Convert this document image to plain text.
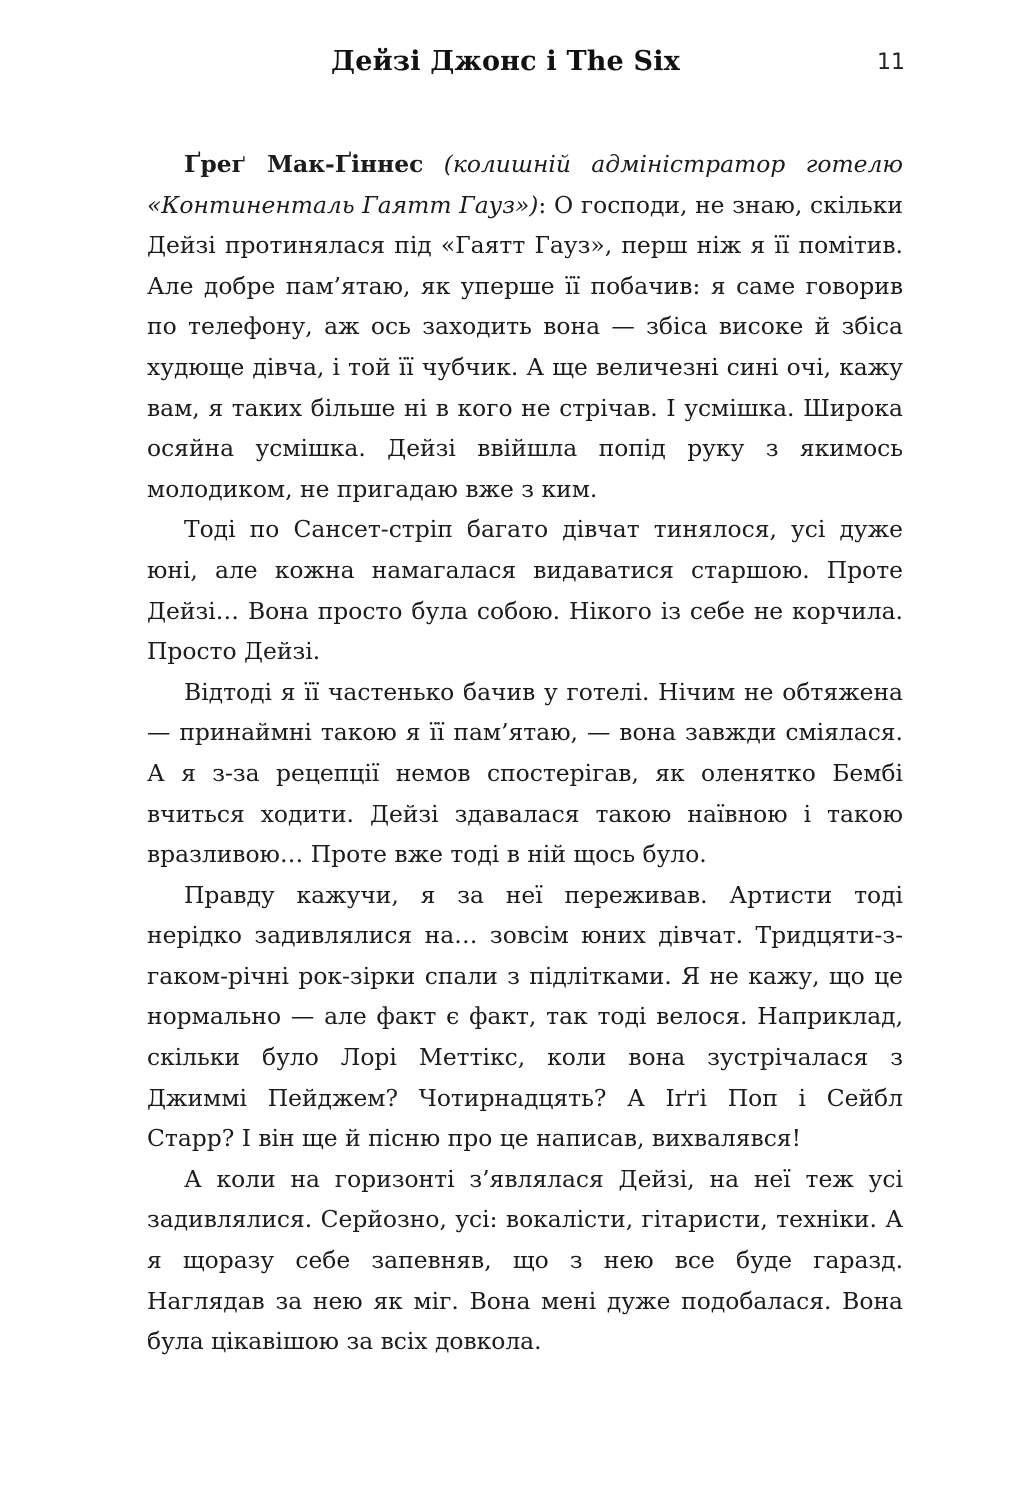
Дейзі Джонс і The Six	11

Ґреґ Мак-Ґіннес (колишній адміністратор готелю «Континенталь Гаятт Гауз»): О господи, не знаю, скільки Дейзі протинялася під «Гаятт Гауз», перш ніж я її помітив. Але добре пам’ятаю, як уперше її побачив: я саме говорив по телефону, аж ось заходить вона — збіса високе й збіса худюще дівча, і той її чубчик. А ще величезні сині очі, кажу вам, я таких більше ні в кого не стрічав. І усмішка. Широка осяйна усмішка. Дейзі ввійшла попід руку з якимось молодиком, не пригадаю вже з ким.

Тоді по Сансет-стріп багато дівчат тинялося, усі дуже юні, але кожна намагалася видаватися старшою. Проте Дейзі… Вона просто була собою. Нікого із себе не корчила. Просто Дейзі.

Відтоді я її частенько бачив у готелі. Нічим не обтяжена — принаймні такою я її пам’ятаю, — вона завжди сміялася. А я з-за рецепції немов спостерігав, як оленятко Бембі вчиться ходити. Дейзі здавалася такою наївною і такою вразливою… Проте вже тоді в ній щось було.

Правду кажучи, я за неї переживав. Артисти тоді нерідко задивлялися на… зовсім юних дівчат. Тридцяти-з-гаком-річні рок-зірки спали з підлітками. Я не кажу, що це нормально — але факт є факт, так тоді велося. Наприклад, скільки було Лорі Меттікс, коли вона зустрічалася з Джиммі Пейджем? Чотирнадцять? А Іґґі Поп і Сейбл Старр? І він ще й пісню про це написав, вихвалявся!

А коли на горизонті з’являлася Дейзі, на неї теж усі задивлялися. Серйозно, усі: вокалісти, гітаристи, техніки. А я щоразу себе запевняв, що з нею все буде гаразд. Наглядав за нею як міг. Вона мені дуже подобалася. Вона була цікавішою за всіх довкола.
